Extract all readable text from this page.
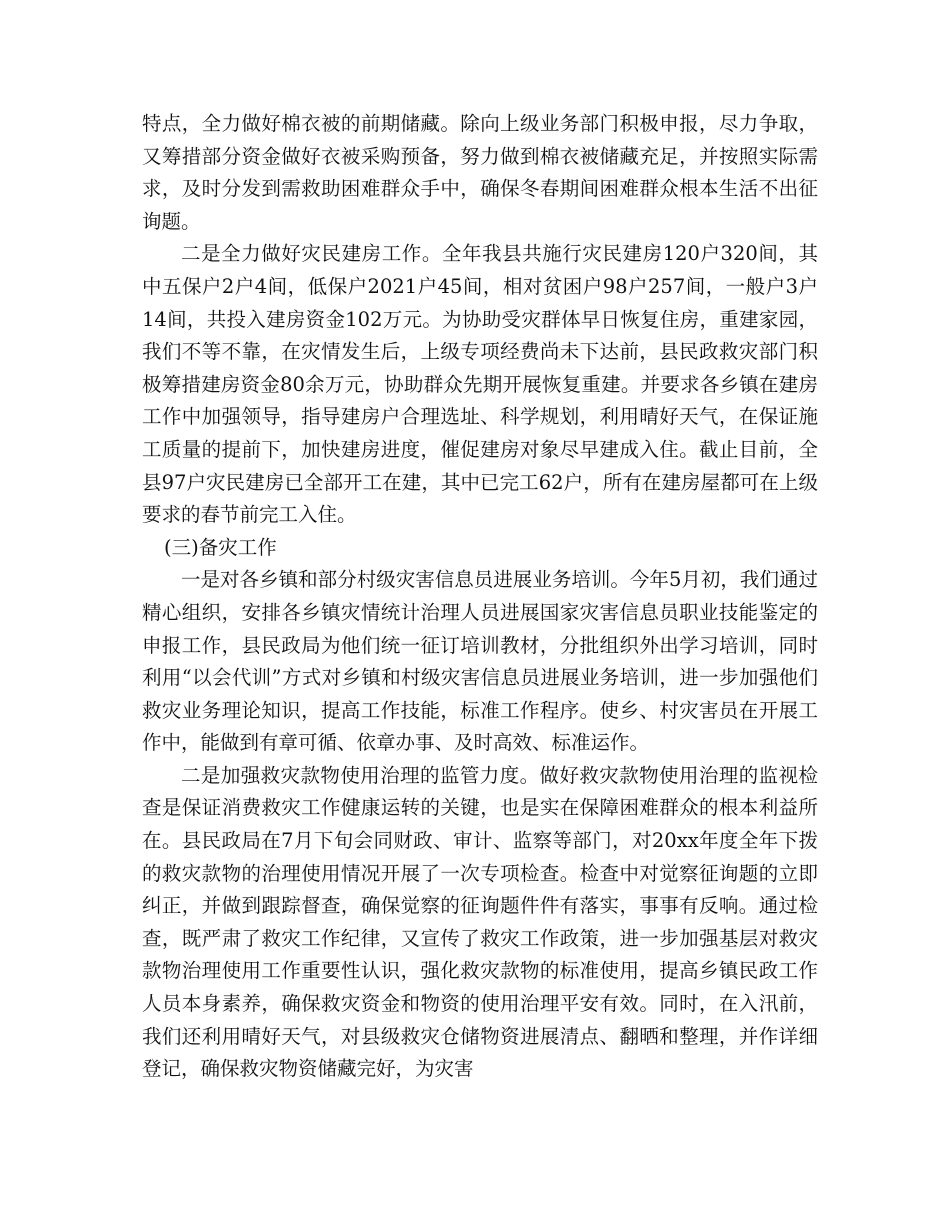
特点，全力做好棉衣被的前期储藏。除向上级业务部门积极申报，尽力争取，又筹措部分资金做好衣被采购预备，努力做到棉衣被储藏充足，并按照实际需求，及时分发到需救助困难群众手中，确保冬春期间困难群众根本生活不出征询题。

二是全力做好灾民建房工作。全年我县共施行灾民建房120户320间，其中五保户2户4间，低保户2021户45间，相对贫困户98户257间，一般户3户14间，共投入建房资金102万元。为协助受灾群体早日恢复住房，重建家园，我们不等不靠，在灾情发生后，上级专项经费尚未下达前，县民政救灾部门积极筹措建房资金80余万元，协助群众先期开展恢复重建。并要求各乡镇在建房工作中加强领导，指导建房户合理选址、科学规划，利用晴好天气，在保证施工质量的提前下，加快建房进度，催促建房对象尽早建成入住。截止目前，全县97户灾民建房已全部开工在建，其中已完工62户，所有在建房屋都可在上级要求的春节前完工入住。

(三)备灾工作

一是对各乡镇和部分村级灾害信息员进展业务培训。今年5月初，我们通过精心组织，安排各乡镇灾情统计治理人员进展国家灾害信息员职业技能鉴定的申报工作，县民政局为他们统一征订培训教材，分批组织外出学习培训，同时利用“以会代训”方式对乡镇和村级灾害信息员进展业务培训，进一步加强他们救灾业务理论知识，提高工作技能，标准工作程序。使乡、村灾害员在开展工作中，能做到有章可循、依章办事、及时高效、标准运作。

二是加强救灾款物使用治理的监管力度。做好救灾款物使用治理的监视检查是保证消费救灾工作健康运转的关键，也是实在保障困难群众的根本利益所在。县民政局在7月下旬会同财政、审计、监察等部门，对20xx年度全年下拨的救灾款物的治理使用情况开展了一次专项检查。检查中对觉察征询题的立即纠正，并做到跟踪督查，确保觉察的征询题件件有落实，事事有反响。通过检查，既严肃了救灾工作纪律，又宣传了救灾工作政策，进一步加强基层对救灾款物治理使用工作重要性认识，强化救灾款物的标准使用，提高乡镇民政工作人员本身素养，确保救灾资金和物资的使用治理平安有效。同时，在入汛前，我们还利用晴好天气，对县级救灾仓储物资进展清点、翻晒和整理，并作详细登记，确保救灾物资储藏完好，为灾害
